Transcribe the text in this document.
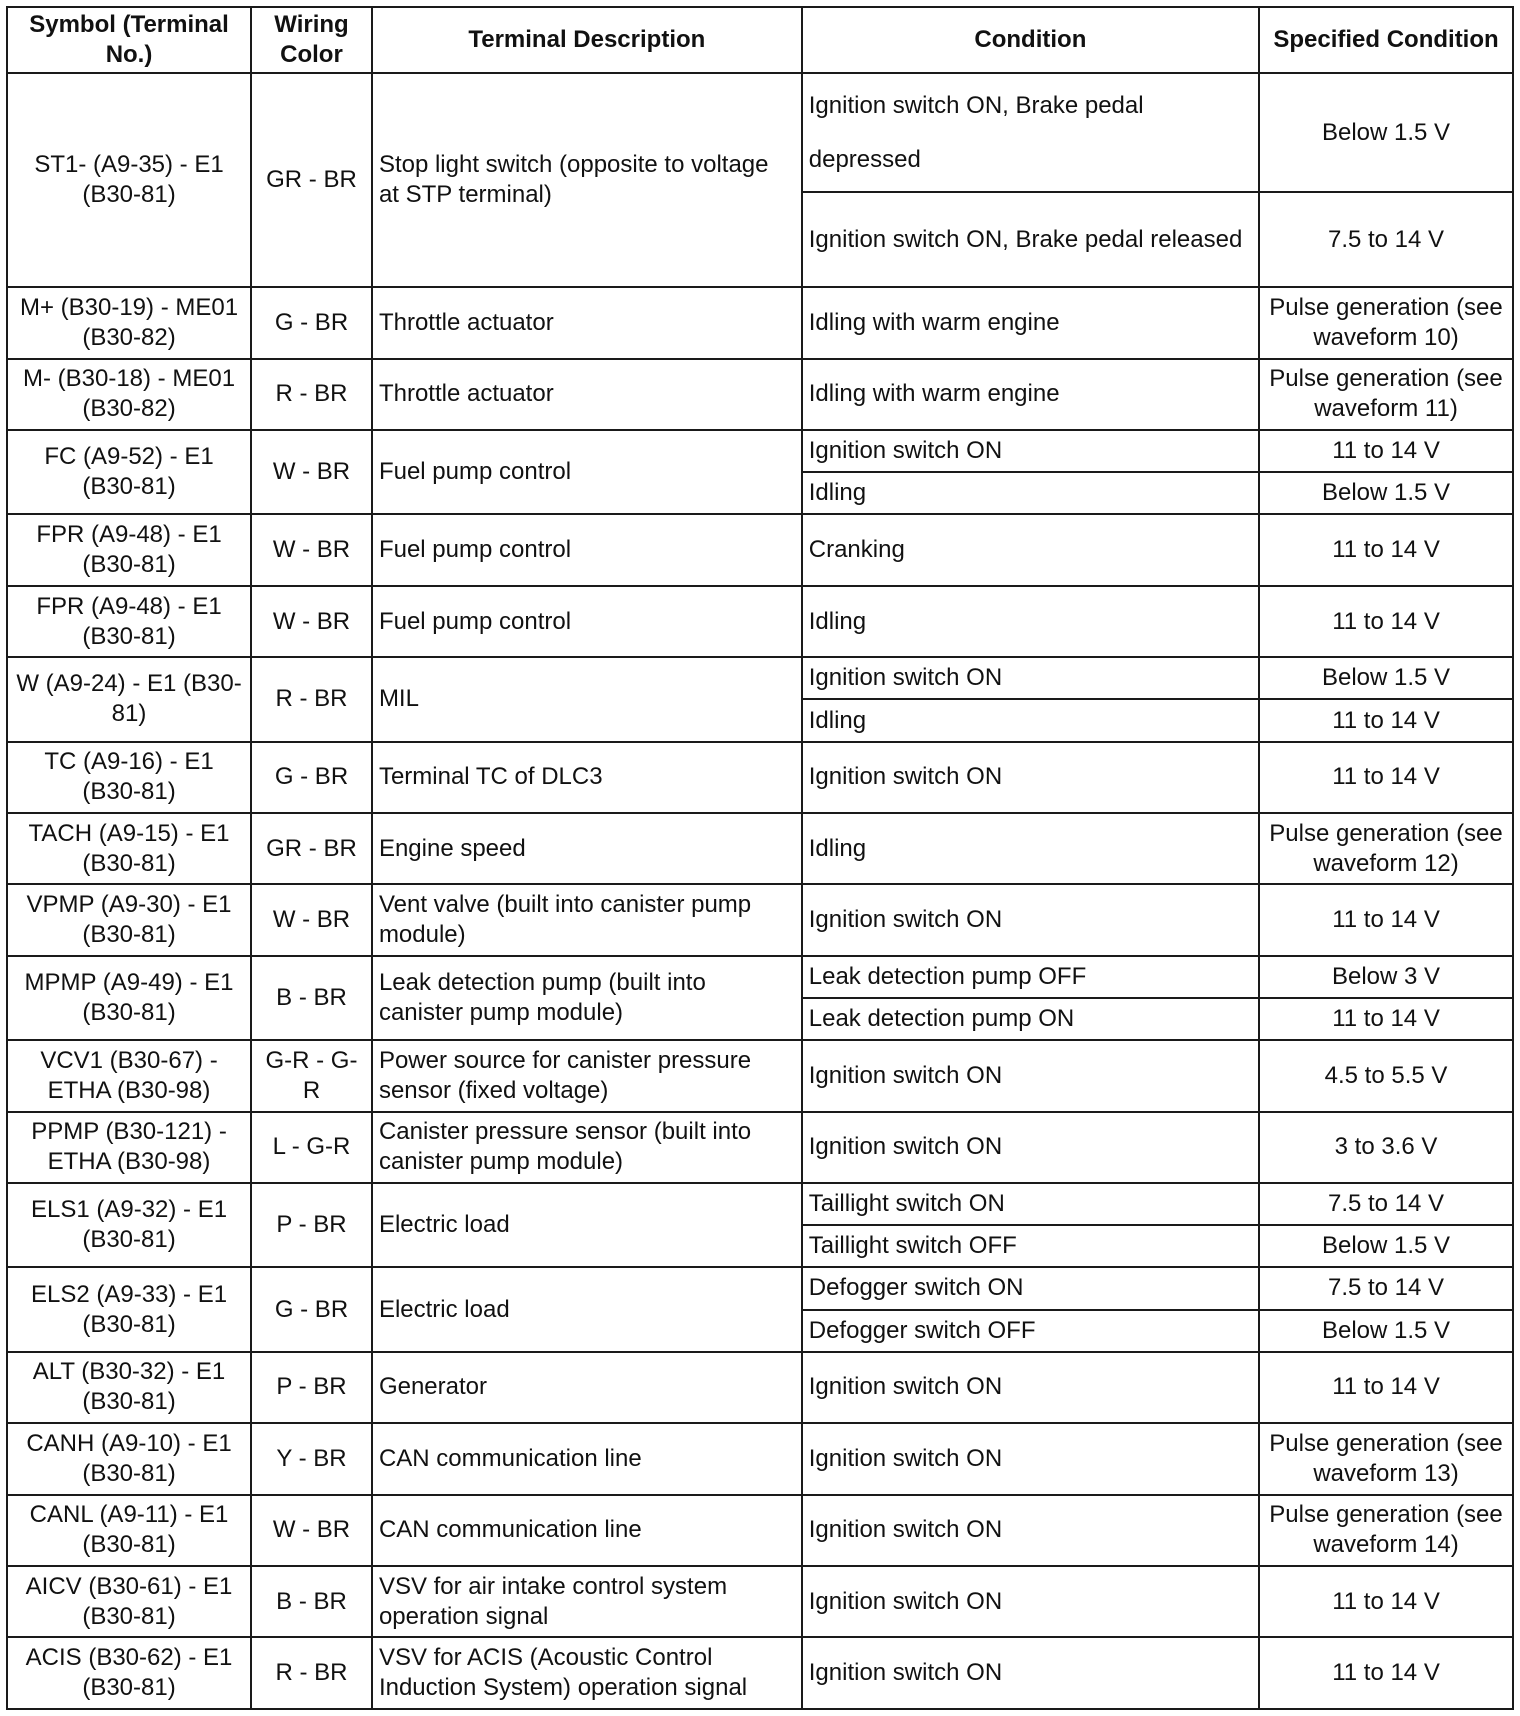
Symbol (Terminal No.)	Wiring Color	Terminal Description	Condition	Specified Condition
ST1- (A9-35) - E1 (B30-81)	GR - BR	Stop light switch (opposite to voltage at STP terminal)	Ignition switch ON, Brake pedal depressed	Below 1.5 V
			Ignition switch ON, Brake pedal released	7.5 to 14 V
M+ (B30-19) - ME01 (B30-82)	G - BR	Throttle actuator	Idling with warm engine	Pulse generation (see waveform 10)
M- (B30-18) - ME01 (B30-82)	R - BR	Throttle actuator	Idling with warm engine	Pulse generation (see waveform 11)
FC (A9-52) - E1 (B30-81)	W - BR	Fuel pump control	Ignition switch ON	11 to 14 V
			Idling	Below 1.5 V
FPR (A9-48) - E1 (B30-81)	W - BR	Fuel pump control	Cranking	11 to 14 V
FPR (A9-48) - E1 (B30-81)	W - BR	Fuel pump control	Idling	11 to 14 V
W (A9-24) - E1 (B30-81)	R - BR	MIL	Ignition switch ON	Below 1.5 V
			Idling	11 to 14 V
TC (A9-16) - E1 (B30-81)	G - BR	Terminal TC of DLC3	Ignition switch ON	11 to 14 V
TACH (A9-15) - E1 (B30-81)	GR - BR	Engine speed	Idling	Pulse generation (see waveform 12)
VPMP (A9-30) - E1 (B30-81)	W - BR	Vent valve (built into canister pump module)	Ignition switch ON	11 to 14 V
MPMP (A9-49) - E1 (B30-81)	B - BR	Leak detection pump (built into canister pump module)	Leak detection pump OFF	Below 3 V
			Leak detection pump ON	11 to 14 V
VCV1 (B30-67) - ETHA (B30-98)	G-R - G-R	Power source for canister pressure sensor (fixed voltage)	Ignition switch ON	4.5 to 5.5 V
PPMP (B30-121) - ETHA (B30-98)	L - G-R	Canister pressure sensor (built into canister pump module)	Ignition switch ON	3 to 3.6 V
ELS1 (A9-32) - E1 (B30-81)	P - BR	Electric load	Taillight switch ON	7.5 to 14 V
			Taillight switch OFF	Below 1.5 V
ELS2 (A9-33) - E1 (B30-81)	G - BR	Electric load	Defogger switch ON	7.5 to 14 V
			Defogger switch OFF	Below 1.5 V
ALT (B30-32) - E1 (B30-81)	P - BR	Generator	Ignition switch ON	11 to 14 V
CANH (A9-10) - E1 (B30-81)	Y - BR	CAN communication line	Ignition switch ON	Pulse generation (see waveform 13)
CANL (A9-11) - E1 (B30-81)	W - BR	CAN communication line	Ignition switch ON	Pulse generation (see waveform 14)
AICV (B30-61) - E1 (B30-81)	B - BR	VSV for air intake control system operation signal	Ignition switch ON	11 to 14 V
ACIS (B30-62) - E1 (B30-81)	R - BR	VSV for ACIS (Acoustic Control Induction System) operation signal	Ignition switch ON	11 to 14 V
